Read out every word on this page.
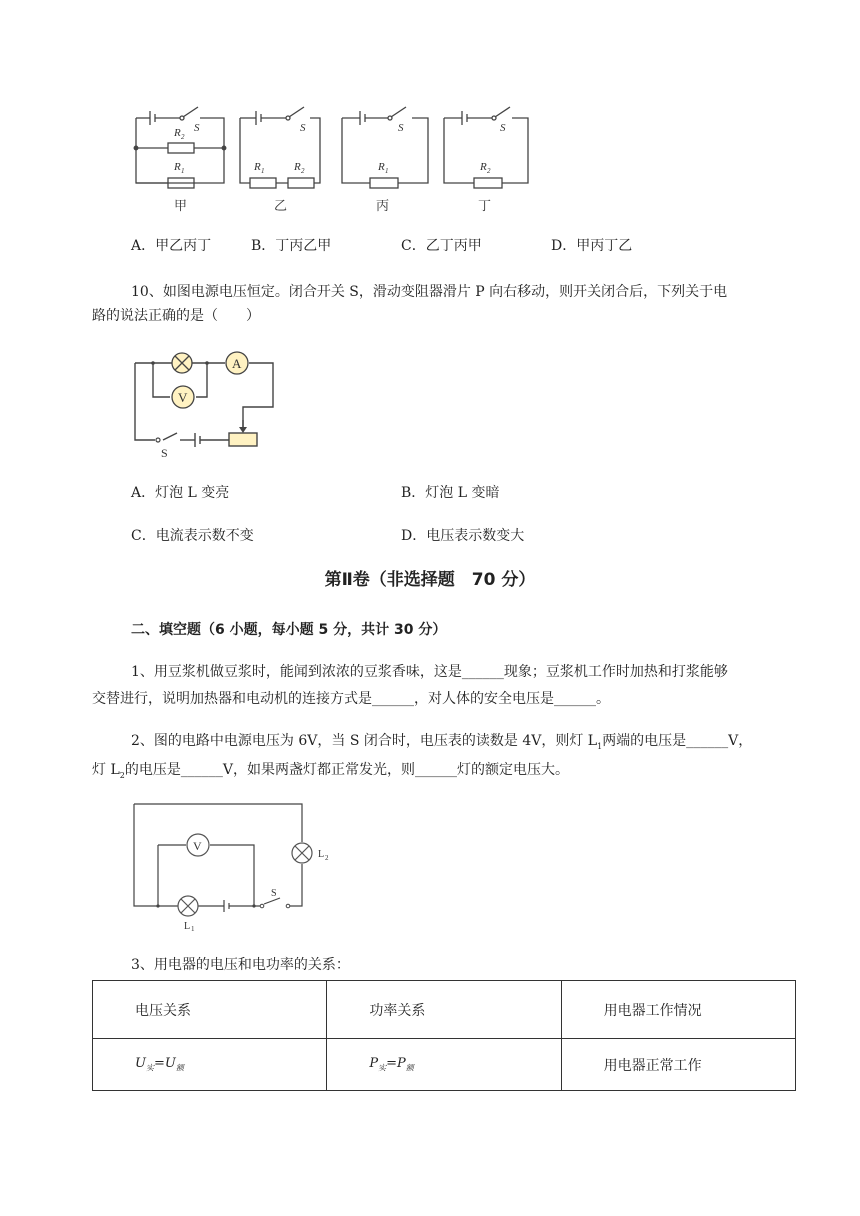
S
R 2
R 1
S
R 1	R 2
S
R 1
S
R 2
甲	乙	丙	丁
A．甲乙丙丁	B．丁丙乙甲	C．乙丁丙甲	D．甲丙丁乙
10、如图电源电压恒定。闭合开关 S，滑动变阻器滑片 P 向右移动，则开关闭合后，下列关于电
路的说法正确的是（　　）
A
V
S
A．灯泡 L 变亮	B．灯泡 L 变暗
C．电流表示数不变	D．电压表示数变大
第Ⅱ卷（非选择题　70 分）
二、填空题（6 小题，每小题 5 分，共计 30 分）
1、用豆浆机做豆浆时，能闻到浓浓的豆浆香味，这是______现象；豆浆机工作时加热和打浆能够
交替进行，说明加热器和电动机的连接方式是______，对人体的安全电压是______。
2、图的电路中电源电压为 6V，当 S 闭合时，电压表的读数是 4V，则灯 $L_1$两端的电压是______V，
灯 $L_2$的电压是______V，如果两盏灯都正常发光，则______灯的额定电压大。
V
L 1
L 2
S
3、用电器的电压和电功率的关系：
电压关系	功率关系	用电器工作情况
$U_实=U_额$	$P_实=P_额$	用电器正常工作
